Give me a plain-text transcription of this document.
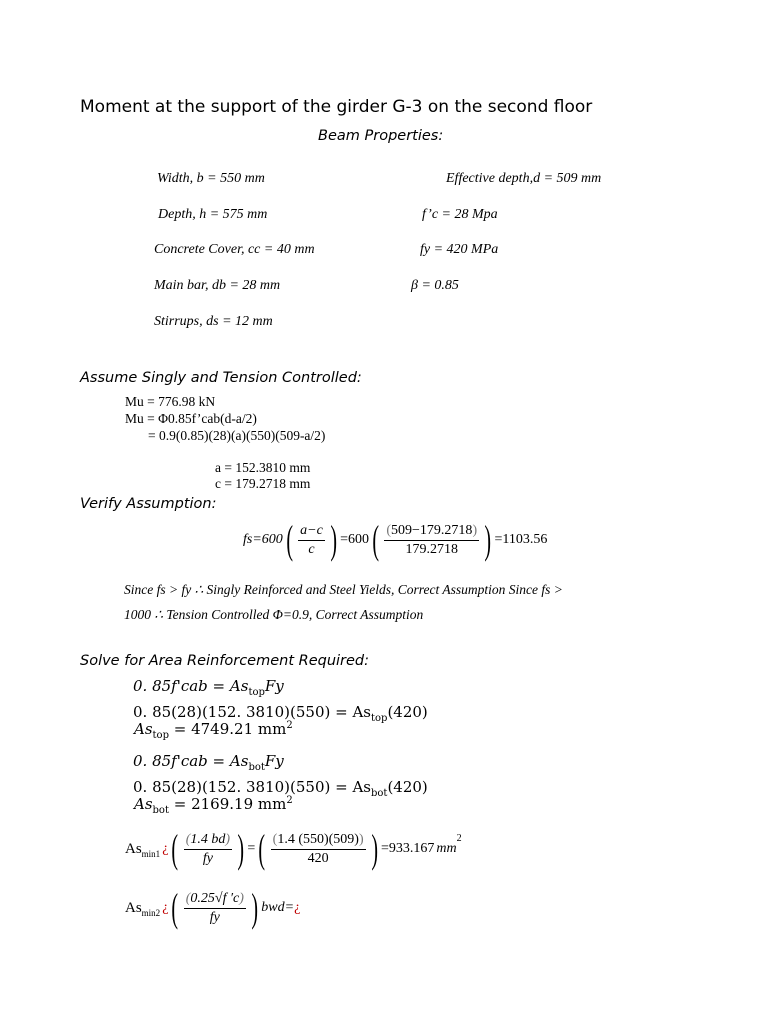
Moment at the support of the girder G-3 on the second floor
Beam Properties:
Width, b = 550 mm
Depth, h = 575 mm
Concrete Cover, cc = 40 mm
Main bar, db = 28 mm
Stirrups, ds = 12 mm
Effective depth,d = 509 mm
f’c = 28 Mpa
fy = 420 MPa
β = 0.85
Assume Singly and Tension Controlled:
Mu = 776.98 kN
Mu = Φ0.85f’cab(d-a/2)
= 0.9(0.85)(28)(a)(550)(509-a/2)
a = 152.3810 mm
c = 179.2718 mm
Verify Assumption:
fs=600 ( $\frac{a-c}{c}$ ) =600 ( $\frac{(509-179.2718)}{179.2718}$ ) =1103.56
Since fs > fy ∴ Singly Reinforced and Steel Yields, Correct Assumption Since fs >
1000 ∴ Tension Controlled Φ=0.9, Correct Assumption
Solve for Area Reinforcement Required:
0. $85f'cab = As_{top}Fy$
0. 85(28)(152. $3810)(550) = As_{top}(420)$
$As_{top} = 4749.21$ $mm^2$
0. $85f'cab = As_{bot}Fy$
0. 85(28)(152. $3810)(550) = As_{bot}(420)$
$As_{bot} = 2169.19$ $mm^2$
$As_{min1}$ ¿ ( $\frac{(1.4 bd)}{fy}$ ) = ( $\frac{(1.4 (550)(509))}{420}$ ) =933.167 mm
2
$As_{min2}$ ¿ ( $\frac{(0.25√f 'c)}{fy}$ ) bwd= ¿
